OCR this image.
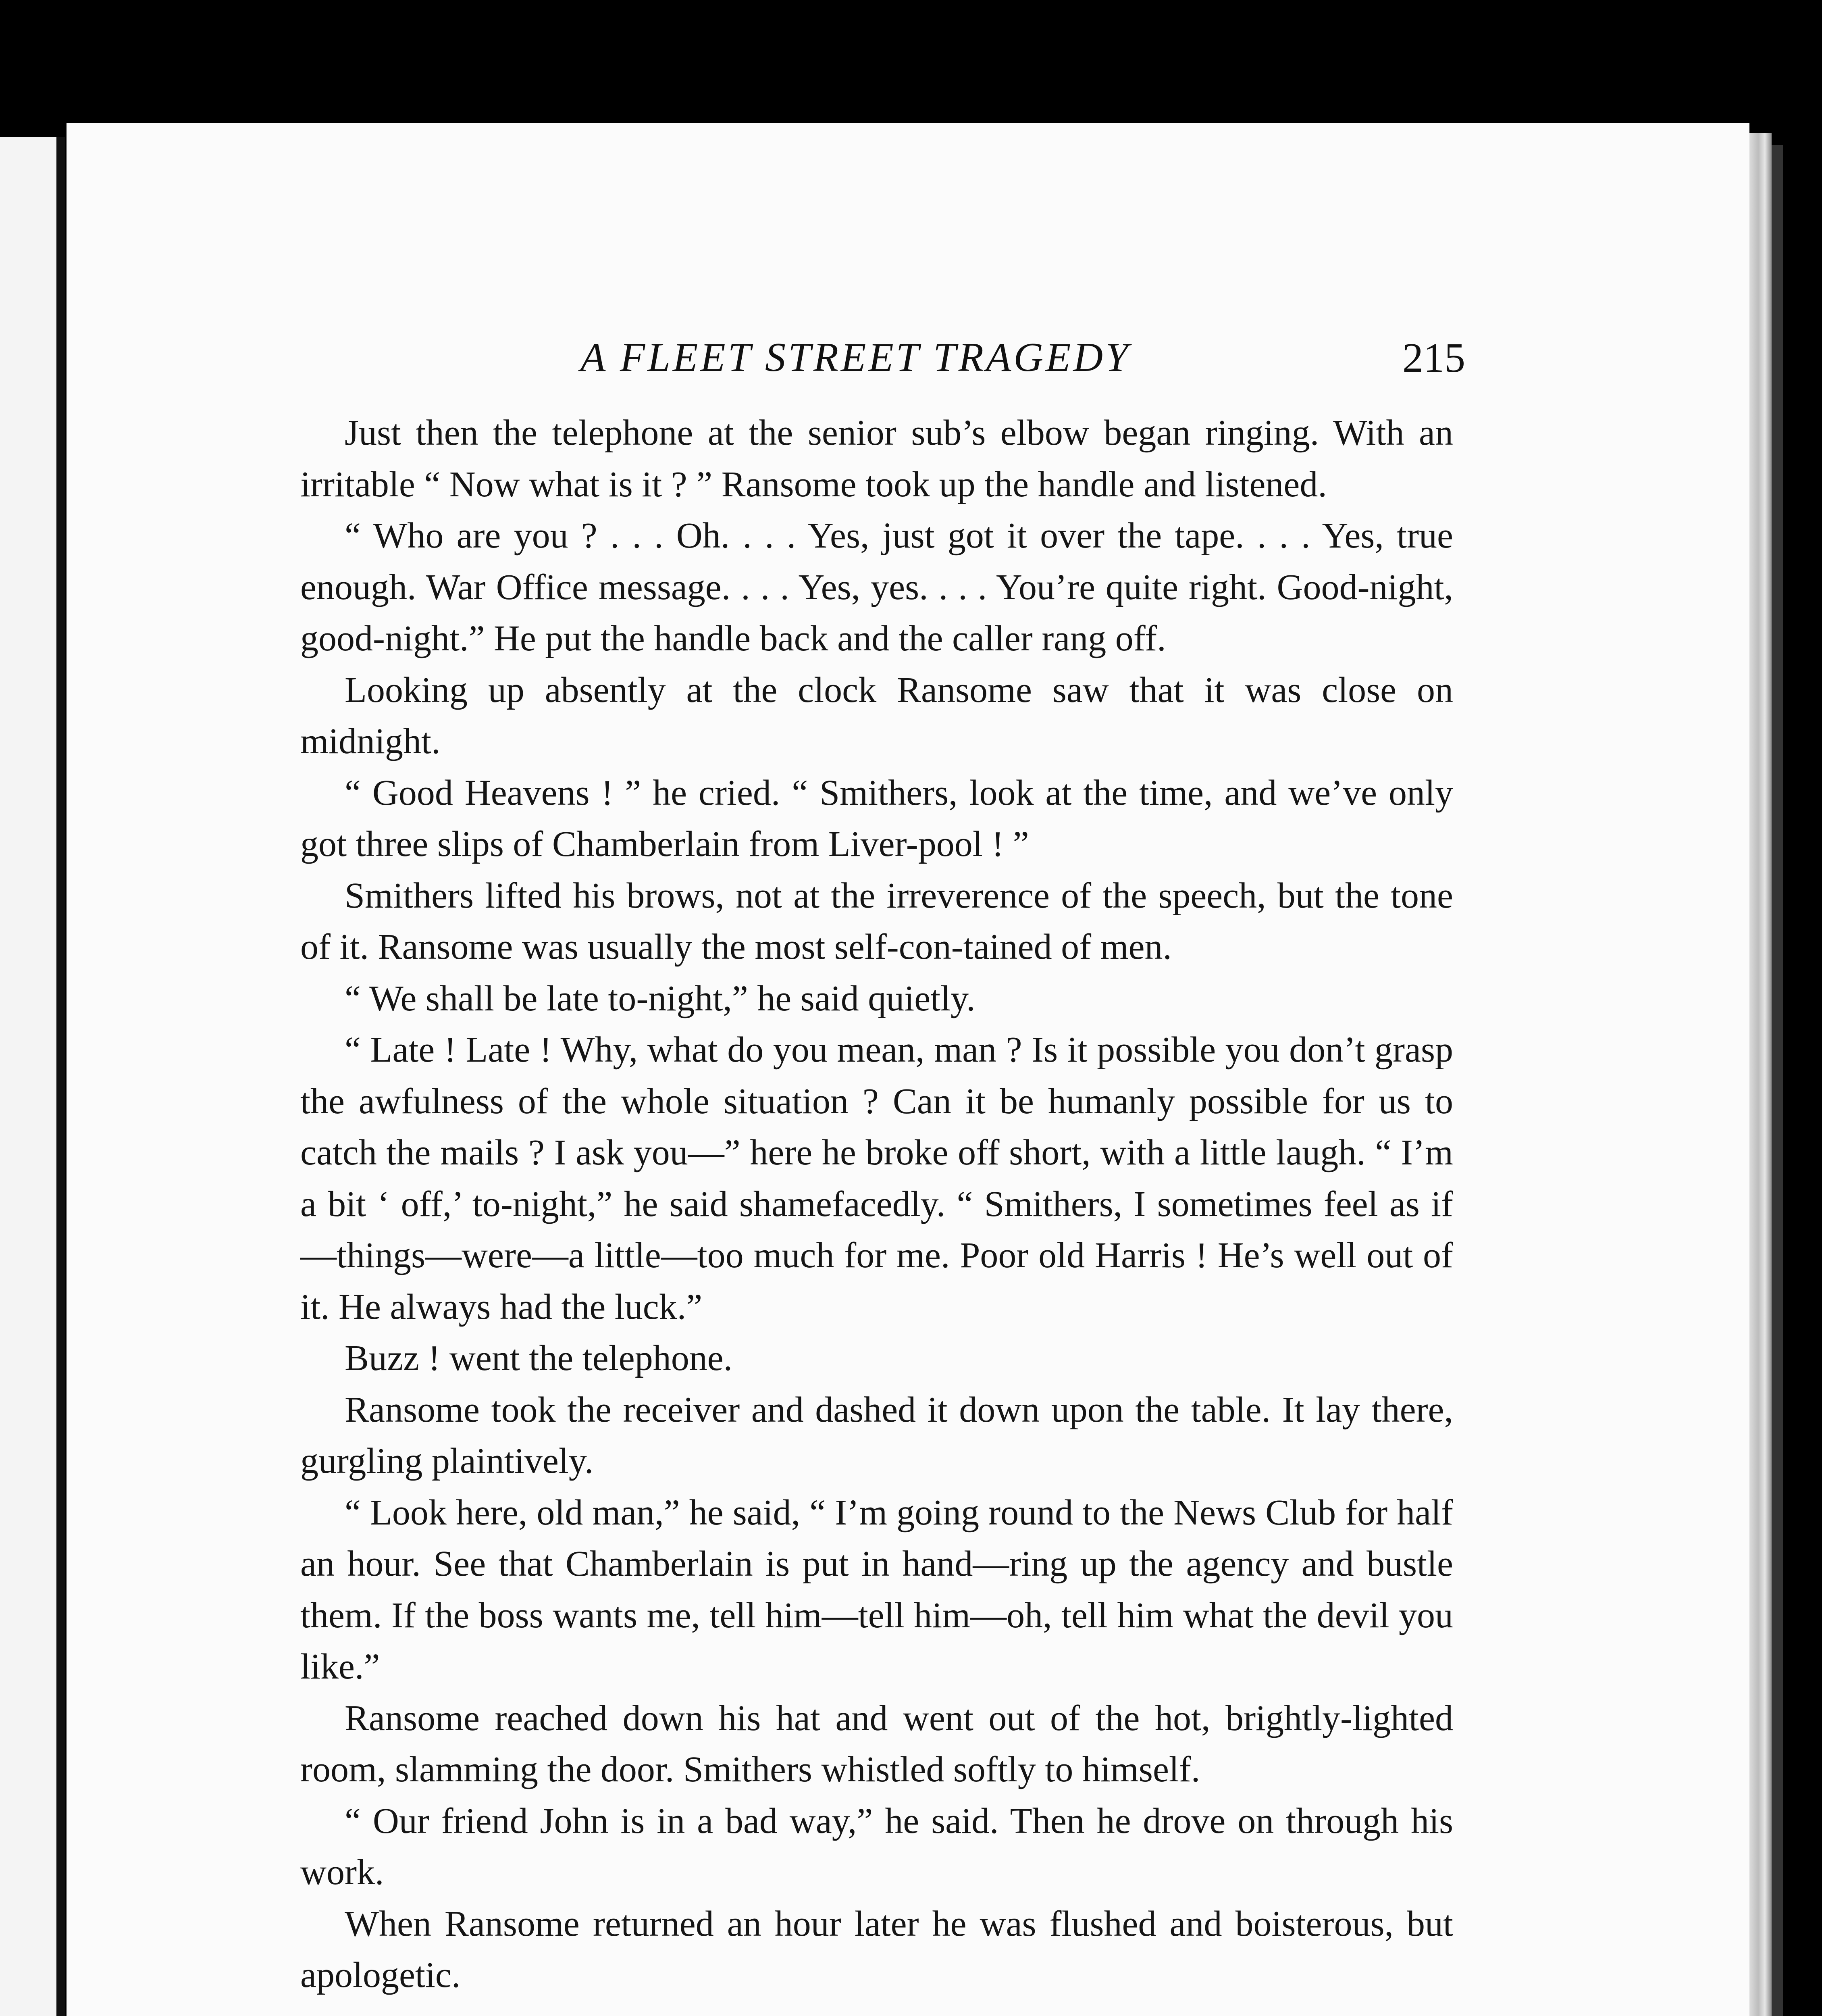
A FLEET STREET TRAGEDY	215

Just then the telephone at the senior sub’s elbow began ringing. With an irritable “ Now what is it ? ” Ransome took up the handle and listened.

“ Who are you ? . . . Oh. . . . Yes, just got it over the tape. . . . Yes, true enough. War Office message. . . . Yes, yes. . . . You’re quite right. Good-night, good-night.” He put the handle back and the caller rang off.

Looking up absently at the clock Ransome saw that it was close on midnight.

“ Good Heavens ! ” he cried. “ Smithers, look at the time, and we’ve only got three slips of Chamberlain from Liver-pool ! ”

Smithers lifted his brows, not at the irreverence of the speech, but the tone of it. Ransome was usually the most self-con-tained of men.

“ We shall be late to-night,” he said quietly.

“ Late ! Late ! Why, what do you mean, man ? Is it possible you don’t grasp the awfulness of the whole situation ? Can it be humanly possible for us to catch the mails ? I ask you—” here he broke off short, with a little laugh. “ I’m a bit ‘ off,’ to-night,” he said shamefacedly. “ Smithers, I sometimes feel as if—things—were—a little—too much for me. Poor old Harris ! He’s well out of it. He always had the luck.”

Buzz ! went the telephone.

Ransome took the receiver and dashed it down upon the table. It lay there, gurgling plaintively.

“ Look here, old man,” he said, “ I’m going round to the News Club for half an hour. See that Chamberlain is put in hand—ring up the agency and bustle them. If the boss wants me, tell him—tell him—oh, tell him what the devil you like.”

Ransome reached down his hat and went out of the hot, brightly-lighted room, slamming the door. Smithers whistled softly to himself.

“ Our friend John is in a bad way,” he said. Then he drove on through his work.

When Ransome returned an hour later he was flushed and boisterous, but apologetic.
